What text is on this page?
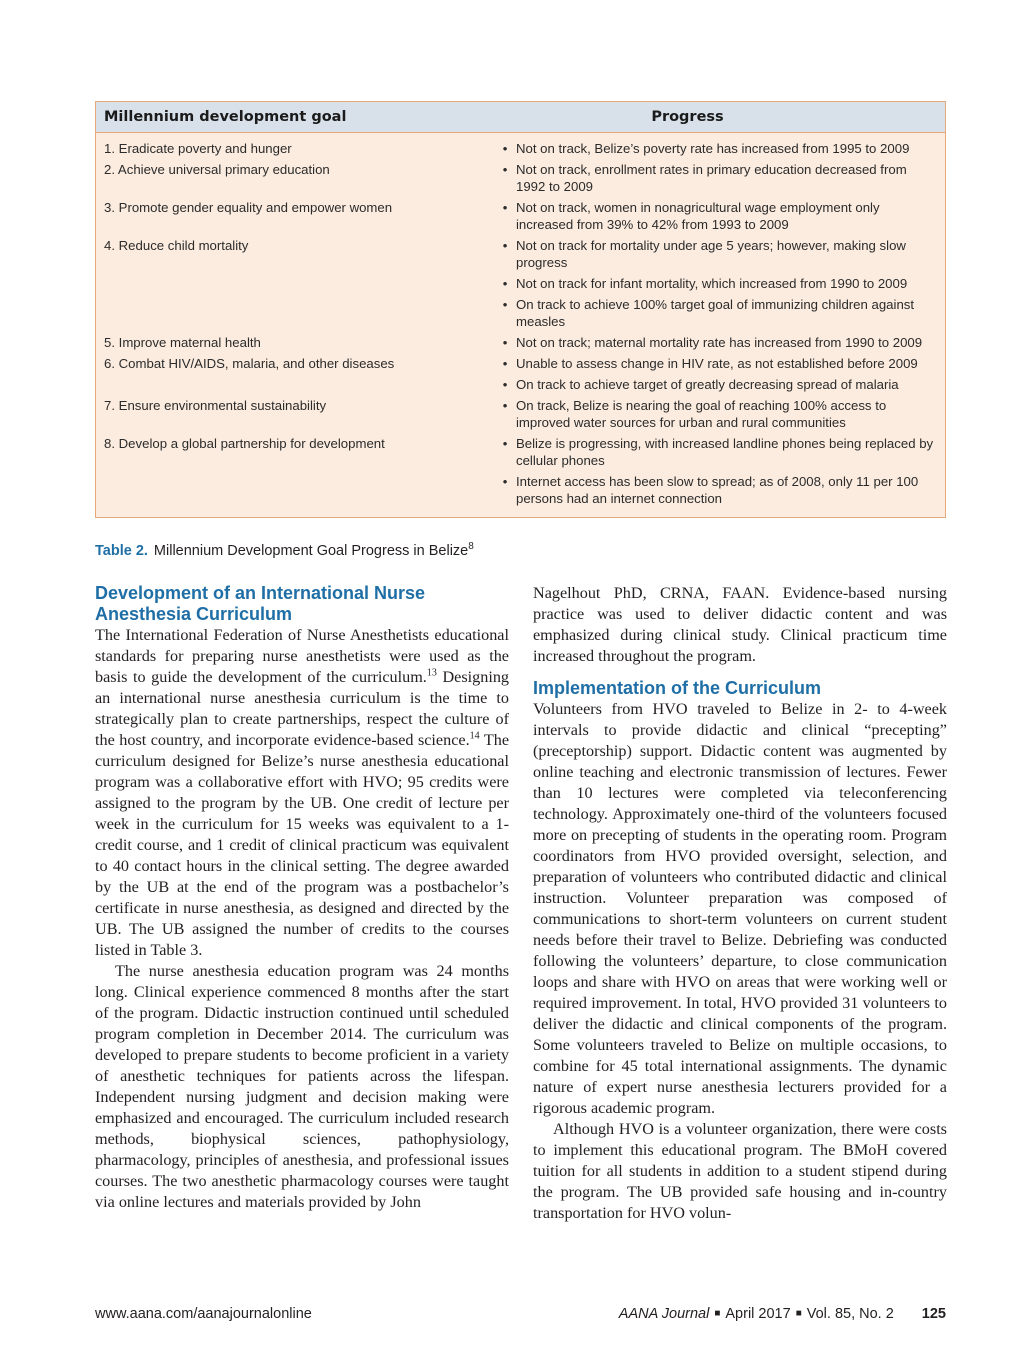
Millennium development goal	Progress
1. Eradicate poverty and hunger	• Not on track, Belize’s poverty rate has increased from 1995 to 2009
2. Achieve universal primary education	• Not on track, enrollment rates in primary education decreased from 1992 to 2009
3. Promote gender equality and empower women	• Not on track, women in nonagricultural wage employment only increased from 39% to 42% from 1993 to 2009
4. Reduce child mortality	• Not on track for mortality under age 5 years; however, making slow progress
• Not on track for infant mortality, which increased from 1990 to 2009
• On track to achieve 100% target goal of immunizing children against measles
5. Improve maternal health	• Not on track; maternal mortality rate has increased from 1990 to 2009
6. Combat HIV/AIDS, malaria, and other diseases	• Unable to assess change in HIV rate, as not established before 2009
• On track to achieve target of greatly decreasing spread of malaria
7. Ensure environmental sustainability	• On track, Belize is nearing the goal of reaching 100% access to improved water sources for urban and rural communities
8. Develop a global partnership for development	• Belize is progressing, with increased landline phones being replaced by cellular phones
• Internet access has been slow to spread; as of 2008, only 11 per 100 persons had an internet connection
Table 2. Millennium Development Goal Progress in Belize$^8$
Development of an International Nurse Anesthesia Curriculum

The International Federation of Nurse Anesthetists educational standards for preparing nurse anesthetists were used as the basis to guide the development of the curriculum.$^{13}$ Designing an international nurse anesthesia curriculum is the time to strategically plan to create partnerships, respect the culture of the host country, and incorporate evidence-based science.$^{14}$ The curriculum designed for Belize’s nurse anesthesia educational program was a collaborative effort with HVO; 95 credits were assigned to the program by the UB. One credit of lecture per week in the curriculum for 15 weeks was equivalent to a 1-credit course, and 1 credit of clinical practicum was equivalent to 40 contact hours in the clinical setting. The degree awarded by the UB at the end of the program was a postbachelor’s certificate in nurse anesthesia, as designed and directed by the UB. The UB assigned the number of credits to the courses listed in Table 3.

The nurse anesthesia education program was 24 months long. Clinical experience commenced 8 months after the start of the program. Didactic instruction continued until scheduled program completion in December 2014. The curriculum was developed to prepare students to become proficient in a variety of anesthetic techniques for patients across the lifespan. Independent nursing judgment and decision making were emphasized and encouraged. The curriculum included research methods, biophysical sciences, pathophysiology, pharmacology, principles of anesthesia, and professional issues courses. The two anesthetic pharmacology courses were taught via online lectures and materials provided by John

Nagelhout PhD, CRNA, FAAN. Evidence-based nursing practice was used to deliver didactic content and was emphasized during clinical study. Clinical practicum time increased throughout the program.

Implementation of the Curriculum

Volunteers from HVO traveled to Belize in 2- to 4-week intervals to provide didactic and clinical “precepting” (preceptorship) support. Didactic content was augmented by online teaching and electronic transmission of lectures. Fewer than 10 lectures were completed via teleconferencing technology. Approximately one-third of the volunteers focused more on precepting of students in the operating room. Program coordinators from HVO provided oversight, selection, and preparation of volunteers who contributed didactic and clinical instruction. Volunteer preparation was composed of communications to short-term volunteers on current student needs before their travel to Belize. Debriefing was conducted following the volunteers’ departure, to close communication loops and share with HVO on areas that were working well or required improvement. In total, HVO provided 31 volunteers to deliver the didactic and clinical components of the program. Some volunteers traveled to Belize on multiple occasions, to combine for 45 total international assignments. The dynamic nature of expert nurse anesthesia lecturers provided for a rigorous academic program.

Although HVO is a volunteer organization, there were costs to implement this educational program. The BMoH covered tuition for all students in addition to a student stipend during the program. The UB provided safe housing and in-country transportation for HVO volun-

www.aana.com/aanajournalonline	AANA Journal ■ April 2017 ■ Vol. 85, No. 2 125
